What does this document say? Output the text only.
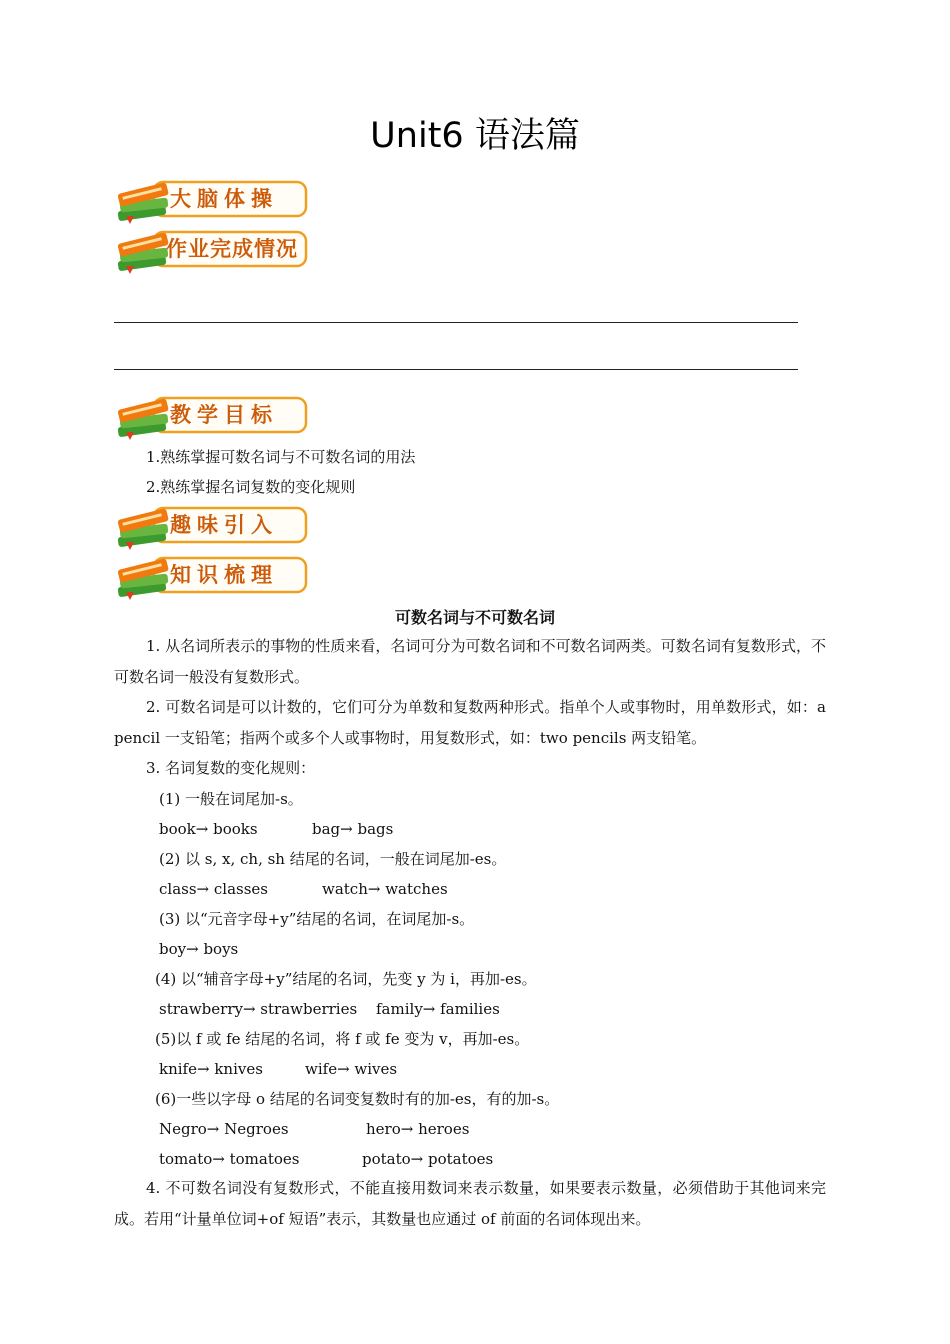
Unit6 语法篇
大脑体操
作业完成情况
教学目标
1.熟练掌握可数名词与不可数名词的用法
2.熟练掌握名词复数的变化规则
趣味引入
知识梳理
可数名词与不可数名词
1. 从名词所表示的事物的性质来看，名词可分为可数名词和不可数名词两类。可数名词有复数形式，不可数名词一般没有复数形式。
2. 可数名词是可以计数的，它们可分为单数和复数两种形式。指单个人或事物时，用单数形式，如：a pencil 一支铅笔；指两个或多个人或事物时，用复数形式，如：two pencils 两支铅笔。
3. 名词复数的变化规则：
(1) 一般在词尾加-s。
book→ books	bag→ bags
(2) 以 s, x, ch, sh 结尾的名词，一般在词尾加-es。
class→ classes	watch→ watches
(3) 以“元音字母+y”结尾的名词，在词尾加-s。
boy→ boys
(4) 以“辅音字母+y”结尾的名词，先变 y 为 i，再加-es。
strawberry→ strawberries family→ families
(5)以 f 或 fe 结尾的名词，将 f 或 fe 变为 v，再加-es。
knife→ knives	wife→ wives
(6)一些以字母 o 结尾的名词变复数时有的加-es，有的加-s。
Negro→ Negroes	hero→ heroes
tomato→ tomatoes	potato→ potatoes
4. 不可数名词没有复数形式，不能直接用数词来表示数量，如果要表示数量，必须借助于其他词来完成。若用“计量单位词+of 短语”表示，其数量也应通过 of 前面的名词体现出来。
